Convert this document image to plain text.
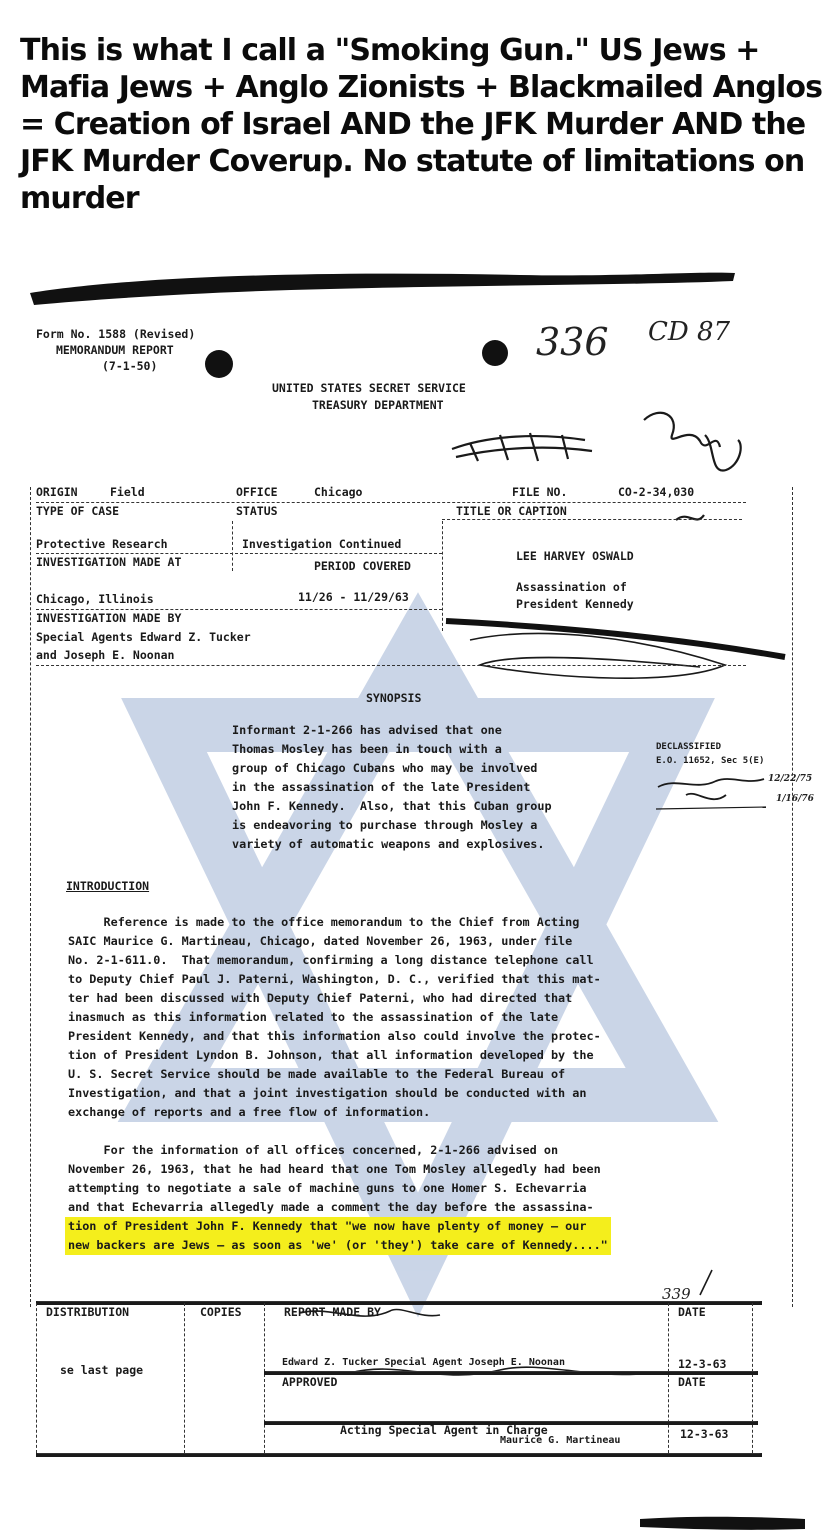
This is what I call a "Smoking Gun." US Jews + Mafia Jews + Anglo Zionists + Blackmailed Anglos = Creation of Israel AND the JFK Murder AND the JFK Murder Coverup. No statute of limitations on murder
Form No. 1588 (Revised)
MEMORANDUM REPORT
(7-1-50)
UNITED STATES SECRET SERVICE
TREASURY DEPARTMENT
336 CD 87
ORIGIN	Field	OFFICE	Chicago	FILE NO.	CO-2-34,030
TYPE OF CASE	STATUS	TITLE OR CAPTION
Protective Research	Investigation Continued
INVESTIGATION MADE AT	PERIOD COVERED
LEE HARVEY OSWALD
Assassination of
President Kennedy
Chicago, Illinois	11/26 - 11/29/63
INVESTIGATION MADE BY
Special Agents Edward Z. Tucker
and Joseph E. Noonan
SYNOPSIS
Informant 2-1-266 has advised that one
Thomas Mosley has been in touch with a
group of Chicago Cubans who may be involved
in the assassination of the late President
John F. Kennedy.  Also, that this Cuban group
is endeavoring to purchase through Mosley a
variety of automatic weapons and explosives.
DECLASSIFIED
E.O. 11652, Sec 5(E)
12/22/75
1/16/76
INTRODUCTION
Reference is made to the office memorandum to the Chief from Acting
SAIC Maurice G. Martineau, Chicago, dated November 26, 1963, under file
No. 2-1-611.0.  That memorandum, confirming a long distance telephone call
to Deputy Chief Paul J. Paterni, Washington, D. C., verified that this mat-
ter had been discussed with Deputy Chief Paterni, who had directed that
inasmuch as this information related to the assassination of the late
President Kennedy, and that this information also could involve the protec-
tion of President Lyndon B. Johnson, that all information developed by the
U. S. Secret Service should be made available to the Federal Bureau of
Investigation, and that a joint investigation should be conducted with an
exchange of reports and a free flow of information.
For the information of all offices concerned, 2-1-266 advised on
November 26, 1963, that he had heard that one Tom Mosley allegedly had been
attempting to negotiate a sale of machine guns to one Homer S. Echevarria
and that Echevarria allegedly made a comment the day before the assassina-
tion of President John F. Kennedy that "we now have plenty of money — our
new backers are Jews — as soon as 'we' (or 'they') take care of Kennedy...."
339
DISTRIBUTION	COPIES	REPORT MADE BY	DATE
se last page
Edward Z. Tucker Special Agent Joseph E. Noonan	12-3-63
APPROVED	DATE
Acting Special Agent in Charge
Maurice G. Martineau	12-3-63
